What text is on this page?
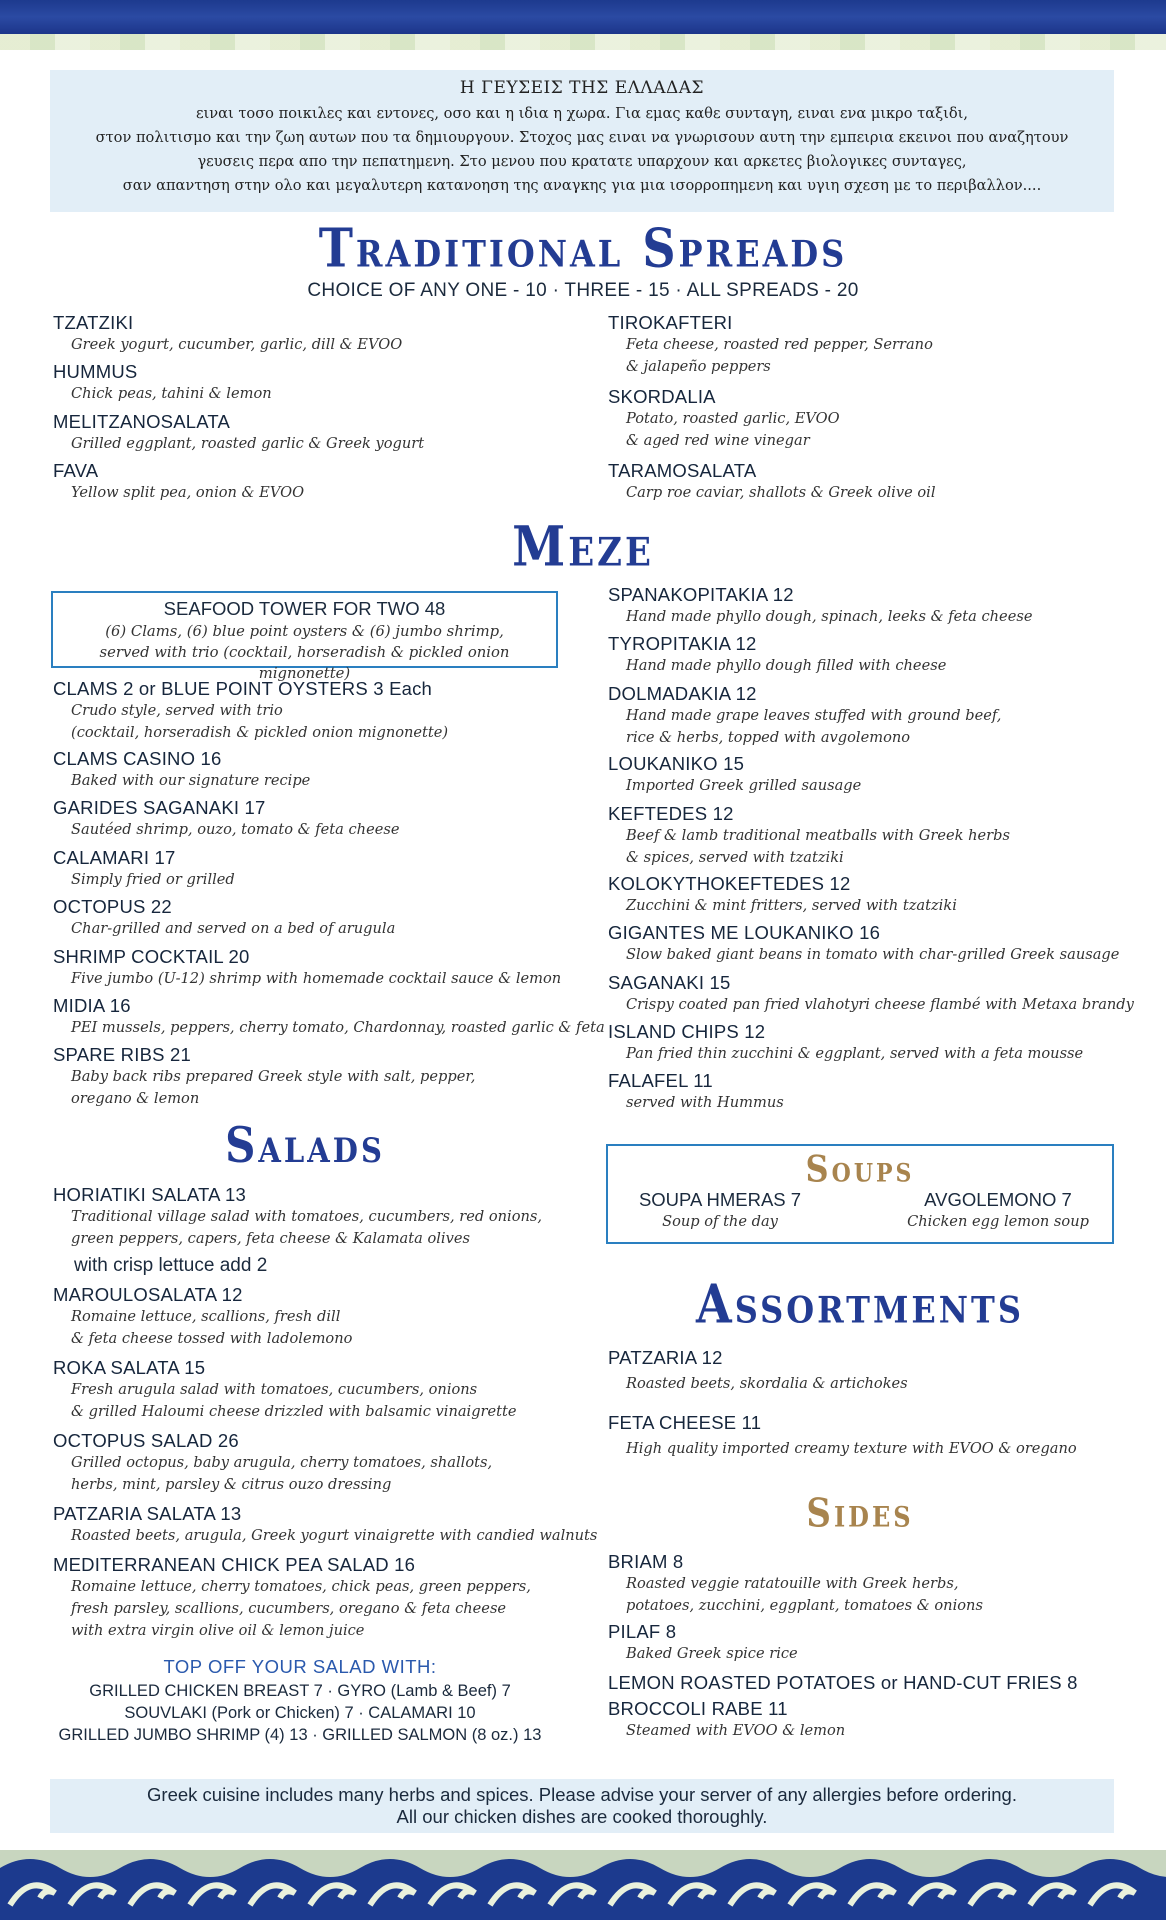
Η ΓΕΥΣΕΙΣ ΤΗΣ ΕΛΛΑΔΑΣ
ειναι τοσο ποικιλες και εντονες, οσο και η ιδια η χωρα. Για εμας καθε συνταγη, ειναι ενα μικρο ταξιδι,
στον πολιτισμο και την ζωη αυτων που τα δημιουργουν. Στοχος μας ειναι να γνωρισουν αυτη την εμπειρια εκεινοι που αναζητουν
γευσεις περα απο την πεπατημενη. Στο μενου που κρατατε υπαρχουν και αρκετες βιολογικες συνταγες,
σαν απαντηση στην ολο και μεγαλυτερη κατανοηση της αναγκης για μια ισορροπημενη και υγιη σχεση με το περιβαλλον....
Traditional Spreads
CHOICE OF ANY ONE - 10 · THREE - 15 · ALL SPREADS - 20
TZATZIKI
Greek yogurt, cucumber, garlic, dill & EVOO
HUMMUS
Chick peas, tahini & lemon
MELITZANOSALATA
Grilled eggplant, roasted garlic & Greek yogurt
FAVA
Yellow split pea, onion & EVOO
TIROKAFTERI
Feta cheese, roasted red pepper, Serrano
& jalapeño peppers
SKORDALIA
Potato, roasted garlic, EVOO
& aged red wine vinegar
TARAMOSALATA
Carp roe caviar, shallots & Greek olive oil
Meze
SEAFOOD TOWER FOR TWO 48
(6) Clams, (6) blue point oysters & (6) jumbo shrimp,
served with trio (cocktail, horseradish & pickled onion mignonette)
CLAMS 2 or BLUE POINT OYSTERS 3 Each
Crudo style, served with trio
(cocktail, horseradish & pickled onion mignonette)
CLAMS CASINO 16
Baked with our signature recipe
GARIDES SAGANAKI 17
Sautéed shrimp, ouzo, tomato & feta cheese
CALAMARI 17
Simply fried or grilled
OCTOPUS 22
Char-grilled and served on a bed of arugula
SHRIMP COCKTAIL 20
Five jumbo (U-12) shrimp with homemade cocktail sauce & lemon
MIDIA 16
PEI mussels, peppers, cherry tomato, Chardonnay, roasted garlic & feta
SPARE RIBS 21
Baby back ribs prepared Greek style with salt, pepper,
oregano & lemon
SPANAKOPITAKIA 12
Hand made phyllo dough, spinach, leeks & feta cheese
TYROPITAKIA 12
Hand made phyllo dough filled with cheese
DOLMADAKIA 12
Hand made grape leaves stuffed with ground beef,
rice & herbs, topped with avgolemono
LOUKANIKO 15
Imported Greek grilled sausage
KEFTEDES 12
Beef & lamb traditional meatballs with Greek herbs
& spices, served with tzatziki
KOLOKYTHOKEFTEDES 12
Zucchini & mint fritters, served with tzatziki
GIGANTES ME LOUKANIKO 16
Slow baked giant beans in tomato with char-grilled Greek sausage
SAGANAKI 15
Crispy coated pan fried vlahotyri cheese flambé with Metaxa brandy
ISLAND CHIPS 12
Pan fried thin zucchini & eggplant, served with a feta mousse
FALAFEL 11
served with Hummus
Salads
HORIATIKI SALATA 13
Traditional village salad with tomatoes, cucumbers, red onions,
green peppers, capers, feta cheese & Kalamata olives
with crisp lettuce add 2
MAROULOSALATA 12
Romaine lettuce, scallions, fresh dill
& feta cheese tossed with ladolemono
ROKA SALATA 15
Fresh arugula salad with tomatoes, cucumbers, onions
& grilled Haloumi cheese drizzled with balsamic vinaigrette
OCTOPUS SALAD 26
Grilled octopus, baby arugula, cherry tomatoes, shallots,
herbs, mint, parsley & citrus ouzo dressing
PATZARIA SALATA 13
Roasted beets, arugula, Greek yogurt vinaigrette with candied walnuts
MEDITERRANEAN CHICK PEA SALAD 16
Romaine lettuce, cherry tomatoes, chick peas, green peppers,
fresh parsley, scallions, cucumbers, oregano & feta cheese
with extra virgin olive oil & lemon juice
TOP OFF YOUR SALAD WITH:
GRILLED CHICKEN BREAST 7 · GYRO (Lamb & Beef) 7
SOUVLAKI (Pork or Chicken) 7 · CALAMARI 10
GRILLED JUMBO SHRIMP (4) 13 · GRILLED SALMON (8 oz.) 13
Soups
SOUPA HMERAS 7
Soup of the day
AVGOLEMONO 7
Chicken egg lemon soup
Assortments
PATZARIA 12
Roasted beets, skordalia & artichokes
FETA CHEESE 11
High quality imported creamy texture with EVOO & oregano
Sides
BRIAM 8
Roasted veggie ratatouille with Greek herbs,
potatoes, zucchini, eggplant, tomatoes & onions
PILAF 8
Baked Greek spice rice
LEMON ROASTED POTATOES or HAND-CUT FRIES 8
BROCCOLI RABE 11
Steamed with EVOO & lemon
Greek cuisine includes many herbs and spices. Please advise your server of any allergies before ordering.
All our chicken dishes are cooked thoroughly.
